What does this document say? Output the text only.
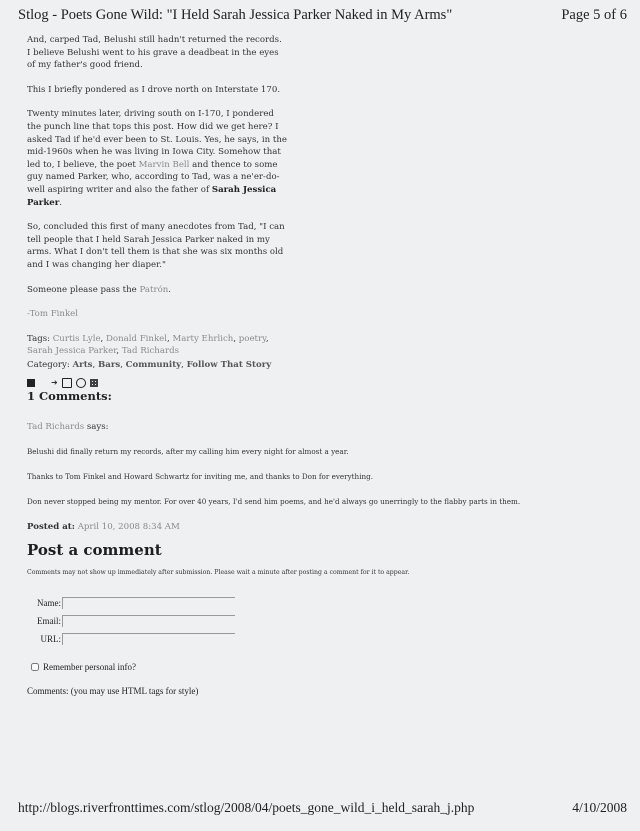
Stlog - Poets Gone Wild: "I Held Sarah Jessica Parker Naked in My Arms"	Page 5 of 6

And, carped Tad, Belushi still hadn't returned the records. I believe Belushi went to his grave a deadbeat in the eyes of my father's good friend.

This I briefly pondered as I drove north on Interstate 170.

Twenty minutes later, driving south on I-170, I pondered the punch line that tops this post. How did we get here? I asked Tad if he'd ever been to St. Louis. Yes, he says, in the mid-1960s when he was living in Iowa City. Somehow that led to, I believe, the poet Marvin Bell and thence to some guy named Parker, who, according to Tad, was a ne'er-do-well aspiring writer and also the father of Sarah Jessica Parker.

So, concluded this first of many anecdotes from Tad, "I can tell people that I held Sarah Jessica Parker naked in my arms. What I don't tell them is that she was six months old and I was changing her diaper."

Someone please pass the Patrón.

-Tom Finkel

Tags: Curtis Lyle, Donald Finkel, Marty Ehrlich, poetry, Sarah Jessica Parker, Tad Richards
Category: Arts, Bars, Community, Follow That Story
➜
1 Comments:
Tad Richards says:

Belushi did finally return my records, after my calling him every night for almost a year.

Thanks to Tom Finkel and Howard Schwartz for inviting me, and thanks to Don for everything.

Don never stopped being my mentor. For over 40 years, I'd send him poems, and he'd always go unerringly to the flabby parts in them.

Posted at: April 10, 2008 8:34 AM
Post a comment
Comments may not show up immediately after submission. Please wait a minute after posting a comment for it to appear.
Name:
Email:
URL:
Remember personal info?
Comments: (you may use HTML tags for style)
http://blogs.riverfronttimes.com/stlog/2008/04/poets_gone_wild_i_held_sarah_j.php	4/10/2008
